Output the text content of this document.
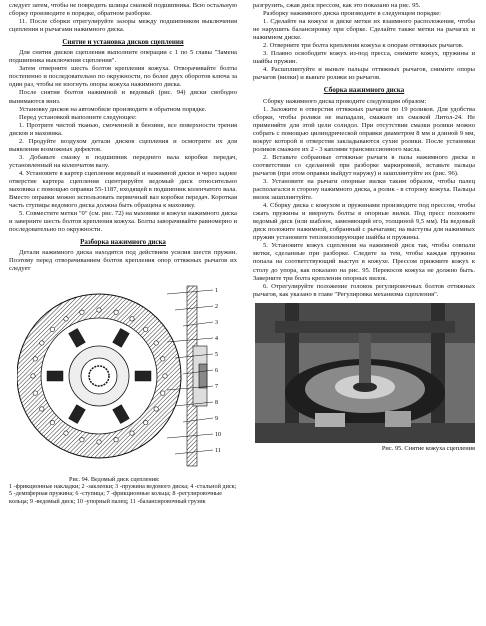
следует затем, чтобы не повредить шлицы смазкой подшипника. Всю остальную сборку производите в порядке, обратном разборке.

11. После сборки отрегулируйте зазоры между подшипником выключения сцепления и рычагами нажимного диска.

Снятие и установка дисков сцепления

Для снятия дисков сцепления выполните операции с 1 по 5 главы "Замена подшипника выключения сцепления".

Затем отверните шесть болтов крепления кожуха. Отворачивайте болты постепенно и последовательно по окружности, по более двух оборотов ключа за один раз, чтобы не изогнуть опоры кожуха нажимного диска.

После снятия болтов нажимной и ведомый (рис. 94) диски свободно вынимаются вниз.

Установку дисков на автомобиле производите в обратном порядке.

Перед установкой выполните следующее:

1. Протрите чистой тканью, смоченной в бензине, все поверхности трения дисков и маховика.

2. Продуйте воздухом детали дисков сцепления и осмотрите их для выявления возможных дефектов.

3. Добавьте смазку в подшипник переднего вала коробки передач, установленный на коленчатом валу.

4. Установите в картер сцепления ведомый и нажимной диски и через заднее отверстие картера сцепления сцентрируйте ведомый диск относительно маховика с помощью оправки 55-1187, входящей в подшипник коленчатого вала. Вместо оправки можно использовать первичный вал коробки передач. Короткая часть ступицы ведомого диска должна быть обращена к маховику.

5. Совместите метки "0" (см. рис. 72) на маховике и кожухе нажимного диска и заверните шесть болтов крепления кожуха. Болты заворачивайте равномерно и последовательно по окружности.

Разборка нажимного диска

Детали нажимного диска находятся под действием усилия шести пружин. Поэтому перед отворачиванием болтов крепления опор оттяжных рычагов их следует

1
2
3
4
5
6
7
8
9
10
11

Рис. 94. Ведомый диск сцепления:

1 -фрикционные накладки; 2 -заклепки; 3 -пружина ведомого диска; 4 -стальной диск; 5 -демпферная пружина; 6 -ступица; 7 -фрикционные кольца; 8 -регулировочные кольца; 9 -ведомый диск; 10 -упорный палец; 11 -балансировочный грузик

разгрузить, сжав диск прессом, как это показано на рис. 95.

Разборку нажимного диска производите в следующем порядке:

1. Сделайте на кожухе и диске метки их взаимного расположения, чтобы не нарушить балансировку при сборке. Сделайте также метки на рычагах и нажимном диске.

2. Отверните три болта крепления кожуха к опорам оттяжных рычагов.

3. Плавно освободите кожух из-под пресса, снимите кожух, пружины и шайбы пружин.

4. Расшплинтуйте и выньте пальцы оттяжных рычагов, снимите опоры рычагов (вилки) и выньте ролики из рычагов.

Сборка нажимного диска

Сборку нажимного диска проводите следующим образом:

1. Заложите в отверстия оттяжных рычагов по 19 роликов. Для удобства сборки, чтобы ролики не выпадали, смажьте их смазкой Литол-24. Не применяйте для этой цели солидол. При отсутствии смазки ролики можно собрать с помощью цилиндрической оправки диаметром 8 мм и длиной 9 мм, вокруг которой в отверстия закладываются сухие ролики. После установки роликов смажьте их 2 - 3 каплями трансмиссионного масла.

2. Вставьте собранные оттяжные рычаги в пазы нажимного диска в соответствии со сделанной при разборке маркировкой, вставьте пальцы рычагов (при этом оправки выйдут наружу) и зашплинтуйте их (рис. 96).

3. Установите на рычаги опорные вилки таким образом, чтобы палец располагался в сторону нажимного диска, а ролик - в сторону кожуха. Пальцы вилок зашплинтуйте.

4. Сборку диска с кожухом и пружинами производите под прессом, чтобы сжать пружины и ввернуть болты в опорные вилки. Под пресс положите ведомый диск (или шаблон, заменяющий его, толщиной 9,5 мм). На ведомый диск положите нажимной, собранный с рычагами; на выступы для нажимных пружин установите теплоизолирующие шайбы и пружины.

5. Установите кожух сцепления на нажимной диск так, чтобы совпали метки, сделанные при разборке. Следите за тем, чтобы каждая пружина попала на соответствующий выступ в кожухе. Прессом прижмите кожух к столу до упора, как показано на рис. 95. Перекосов кожуха не должно быть. Заверните три болта крепления опорных вилок.

6. Отрегулируйте положение головок регулировочных болтов оттяжных рычагов, как указано в главе "Регулировка механизма сцепления".

Рис. 95. Снятие кожуха сцепления
